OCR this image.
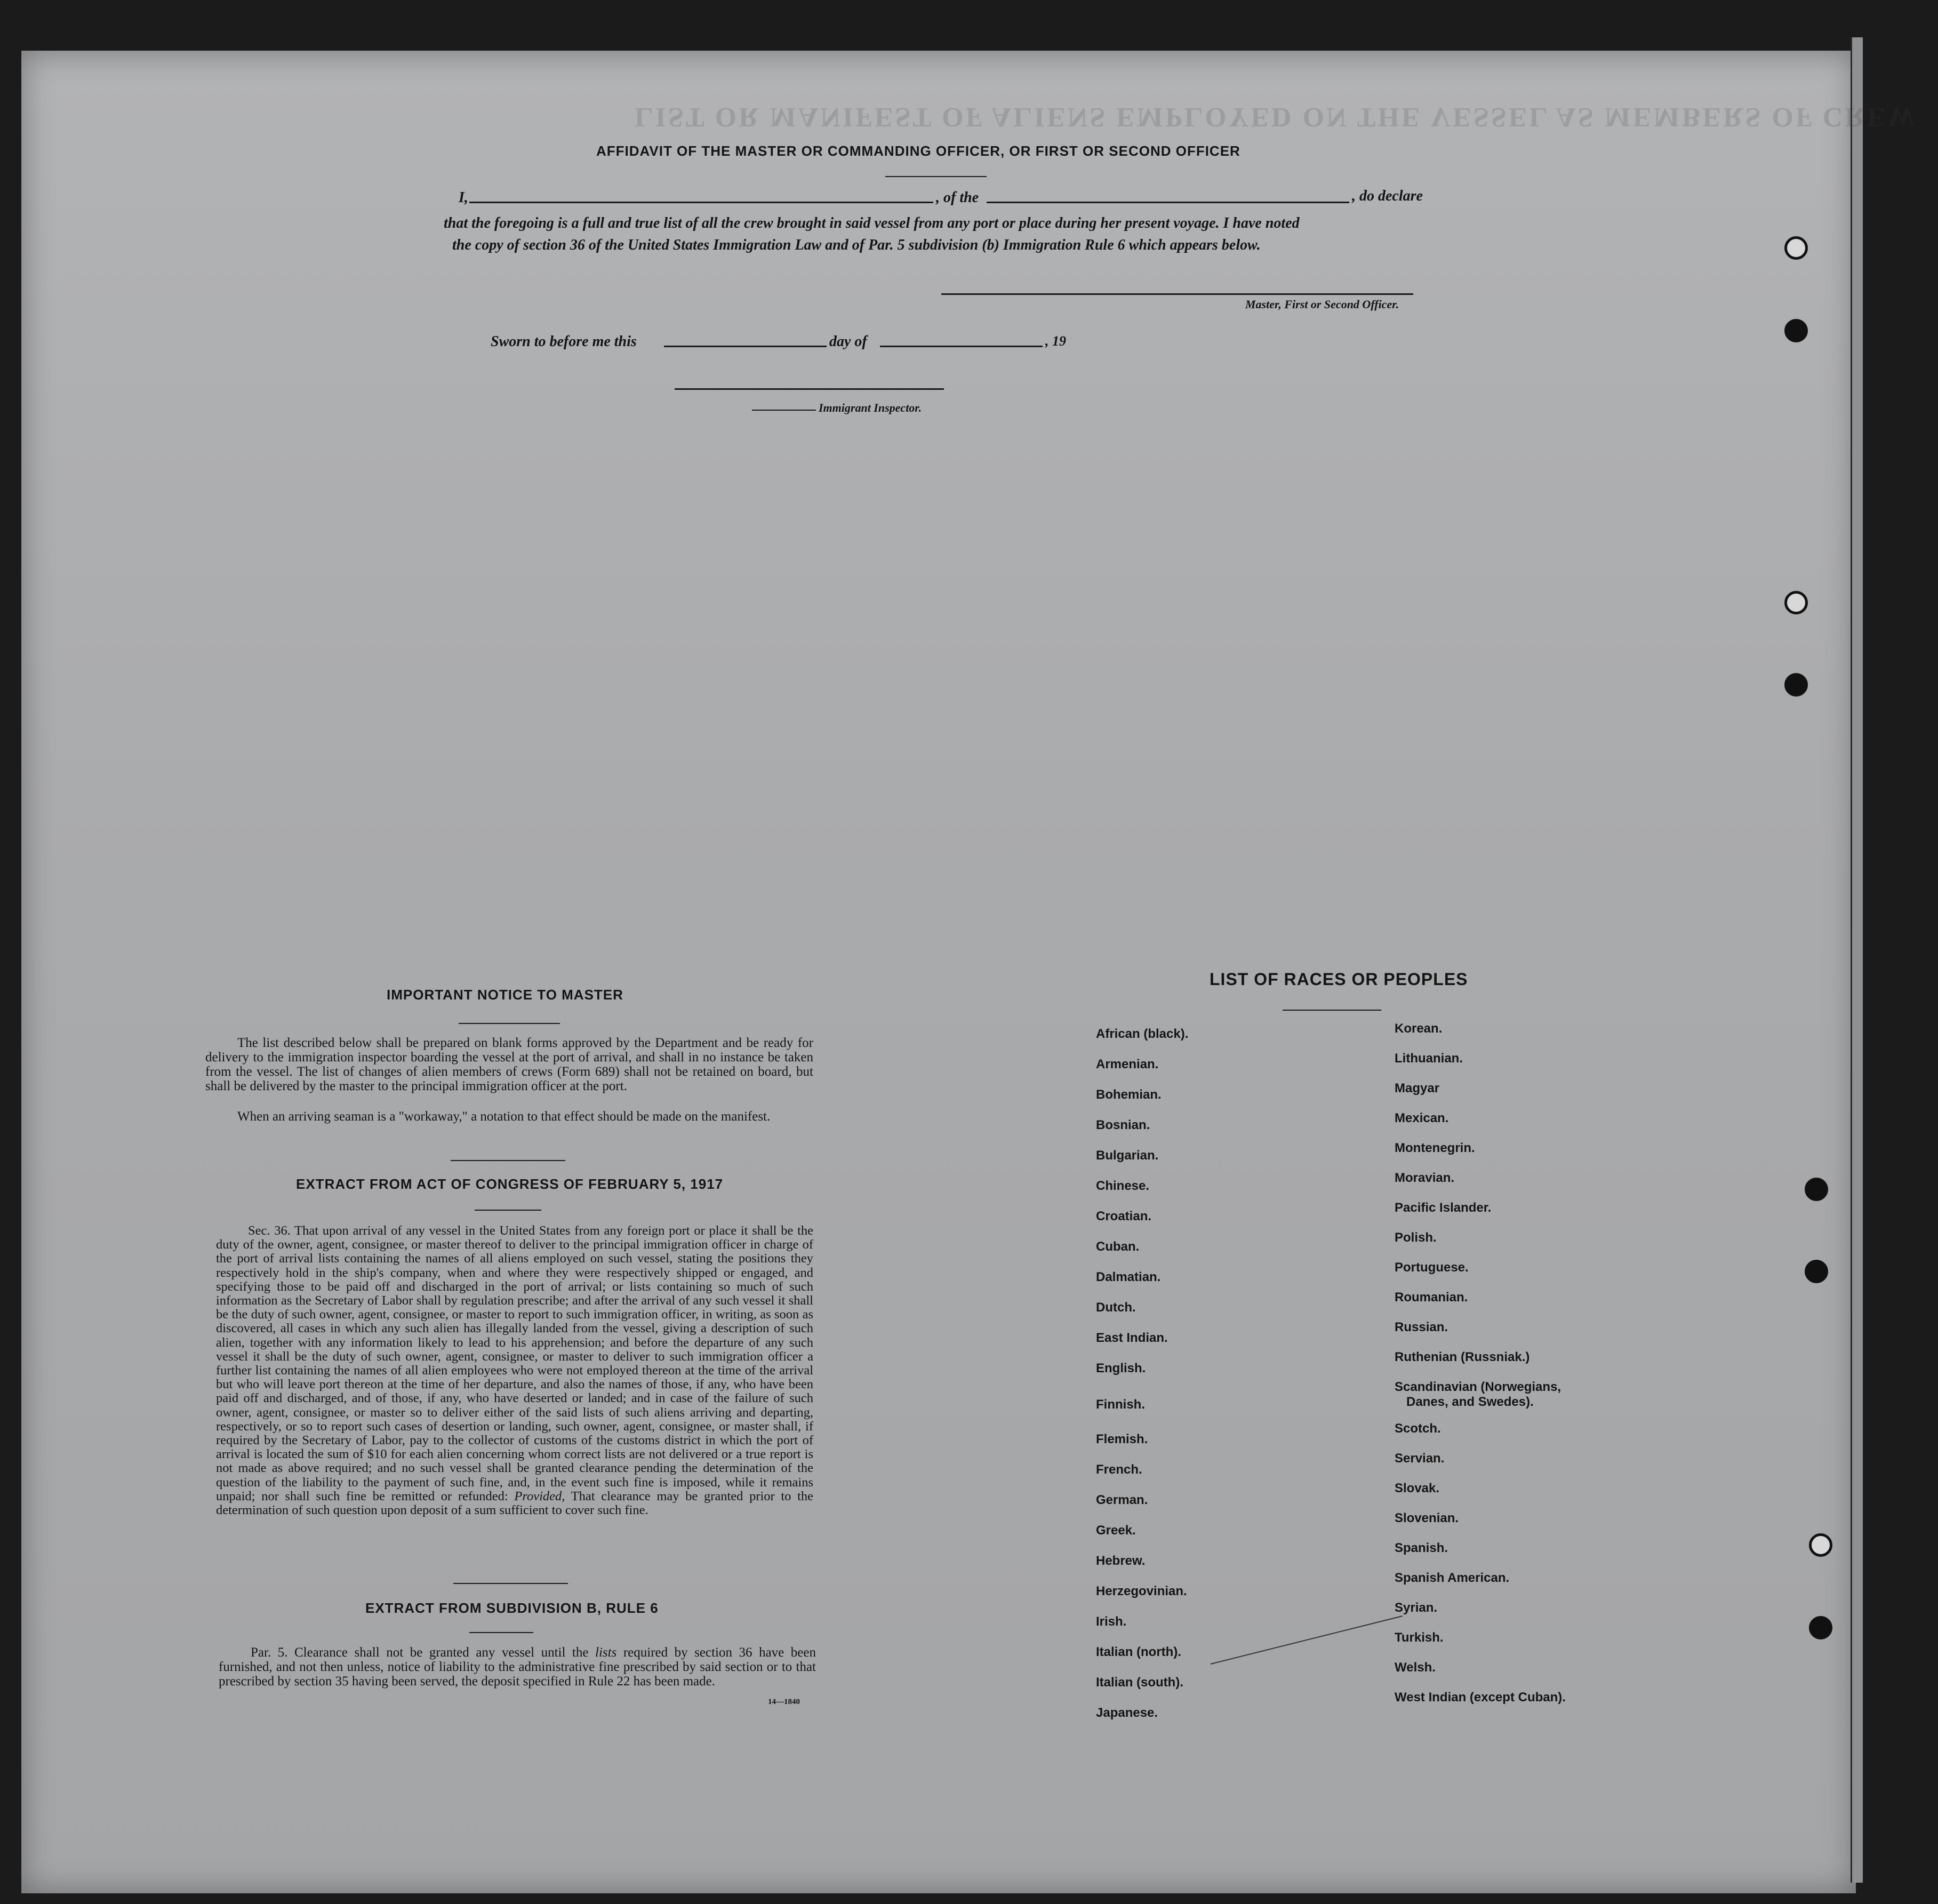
LIST OR MANIFEST OF ALIENS EMPLOYED ON THE VESSEL AS MEMBERS OF CREW
AFFIDAVIT OF THE MASTER OR COMMANDING OFFICER, OR FIRST OR SECOND OFFICER
I,	, of the	, do declare
that the foregoing is a full and true list of all the crew brought in said vessel from any port or place during her present voyage. I have noted
the copy of section 36 of the United States Immigration Law and of Par. 5 subdivision (b) Immigration Rule 6 which appears below.
Master, First or Second Officer.
Sworn to before me this	day of	, 19
Immigrant Inspector.
IMPORTANT NOTICE TO MASTER
The list described below shall be prepared on blank forms approved by the Department and be ready for delivery to the immigration inspector boarding the vessel at the port of arrival, and shall in no instance be taken from the vessel. The list of changes of alien members of crews (Form 689) shall not be retained on board, but shall be delivered by the master to the principal immigration officer at the port.
When an arriving seaman is a "workaway," a notation to that effect should be made on the manifest.
EXTRACT FROM ACT OF CONGRESS OF FEBRUARY 5, 1917
Sec. 36. That upon arrival of any vessel in the United States from any foreign port or place it shall be the duty of the owner, agent, consignee, or master thereof to deliver to the principal immigration officer in charge of the port of arrival lists containing the names of all aliens employed on such vessel, stating the positions they respectively hold in the ship's company, when and where they were respectively shipped or engaged, and specifying those to be paid off and discharged in the port of arrival; or lists containing so much of such information as the Secretary of Labor shall by regulation prescribe; and after the arrival of any such vessel it shall be the duty of such owner, agent, consignee, or master to report to such immigration officer, in writing, as soon as discovered, all cases in which any such alien has illegally landed from the vessel, giving a description of such alien, together with any information likely to lead to his apprehension; and before the departure of any such vessel it shall be the duty of such owner, agent, consignee, or master to deliver to such immigration officer a further list containing the names of all alien employees who were not employed thereon at the time of the arrival but who will leave port thereon at the time of her departure, and also the names of those, if any, who have been paid off and discharged, and of those, if any, who have deserted or landed; and in case of the failure of such owner, agent, consignee, or master so to deliver either of the said lists of such aliens arriving and departing, respectively, or so to report such cases of desertion or landing, such owner, agent, consignee, or master shall, if required by the Secretary of Labor, pay to the collector of customs of the customs district in which the port of arrival is located the sum of $10 for each alien concerning whom correct lists are not delivered or a true report is not made as above required; and no such vessel shall be granted clearance pending the determination of the question of the liability to the payment of such fine, and, in the event such fine is imposed, while it remains unpaid; nor shall such fine be remitted or refunded: Provided, That clearance may be granted prior to the determination of such question upon deposit of a sum sufficient to cover such fine.
EXTRACT FROM SUBDIVISION B, RULE 6
Par. 5. Clearance shall not be granted any vessel until the lists required by section 36 have been furnished, and not then unless, notice of liability to the administrative fine prescribed by said section or to that prescribed by section 35 having been served, the deposit specified in Rule 22 has been made.
14—1840
LIST OF RACES OR PEOPLES
African (black).
Armenian.
Bohemian.
Bosnian.
Bulgarian.
Chinese.
Croatian.
Cuban.
Dalmatian.
Dutch.
East Indian.
English.
Finnish.
Flemish.
French.
German.
Greek.
Hebrew.
Herzegovinian.
Irish.
Italian (north).
Italian (south).
Japanese.
Korean.
Lithuanian.
Magyar
Mexican.
Montenegrin.
Moravian.
Pacific Islander.
Polish.
Portuguese.
Roumanian.
Russian.
Ruthenian (Russniak.)
Scandinavian (Norwegians,
Danes, and Swedes).
Scotch.
Servian.
Slovak.
Slovenian.
Spanish.
Spanish American.
Syrian.
Turkish.
Welsh.
West Indian (except Cuban).
